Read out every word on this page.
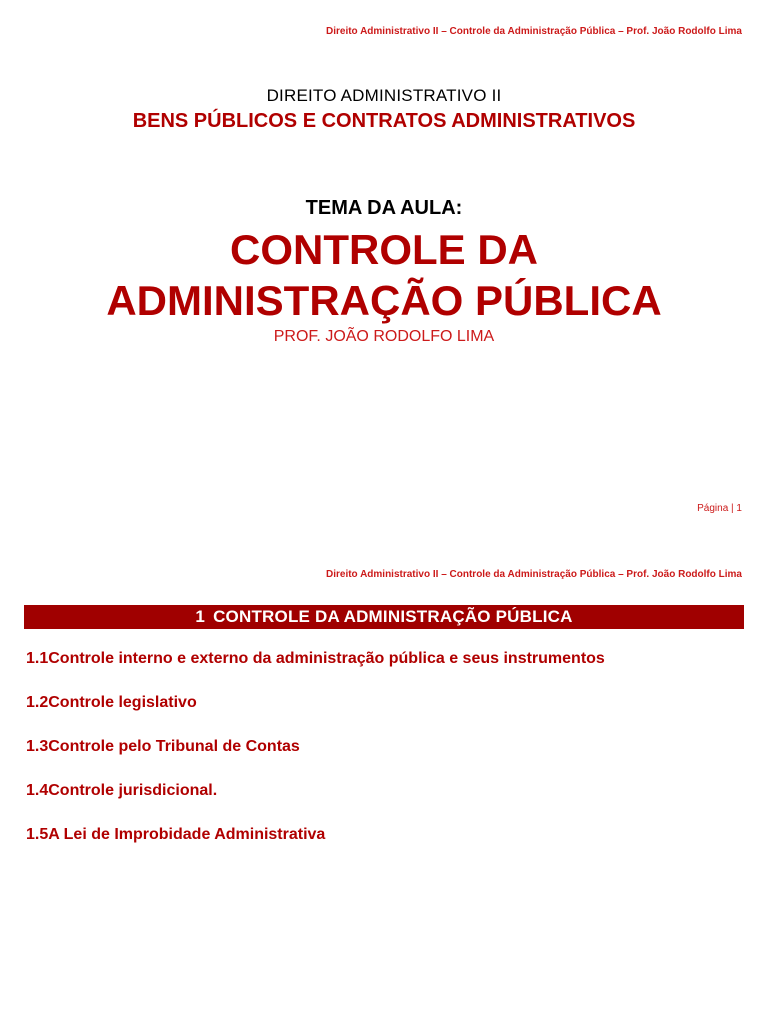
Direito Administrativo II – Controle da Administração Pública – Prof. João Rodolfo Lima
DIREITO ADMINISTRATIVO II
BENS PÚBLICOS E CONTRATOS ADMINISTRATIVOS
TEMA DA AULA:
CONTROLE DA
ADMINISTRAÇÃO PÚBLICA
PROF. JOÃO RODOLFO LIMA
Página | 1
Direito Administrativo II – Controle da Administração Pública – Prof. João Rodolfo Lima
1 CONTROLE DA ADMINISTRAÇÃO PÚBLICA
1.1Controle interno e externo da administração pública e seus instrumentos
1.2Controle legislativo
1.3Controle pelo Tribunal de Contas
1.4Controle jurisdicional.
1.5A Lei de Improbidade Administrativa
